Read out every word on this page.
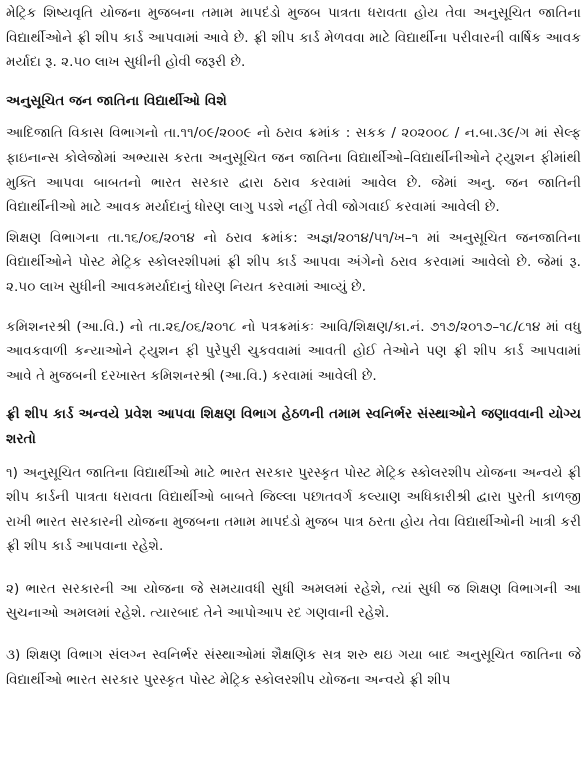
મેટ્રિક શિષ્યવૃતિ યોજના મુજબના તમામ માપદંડો મુજબ પાત્રતા ધરાવતા હોય તેવા અનુસૂચિત જાતિના વિદ્યાર્થીઓને ફ્રી શીપ કાર્ડ આપવામાં આવે છે. ફ્રી શીપ કાર્ડ મેળવવા માટે વિદ્યાર્થીના પરીવારની વાર્ષિક આવક મર્યાદા રૂ. ૨.૫૦ લાખ સુધીની હોવી જરૂરી છે.

અનુસૂચિત જન જાતિના વિદ્યાર્થીઓ વિશે

આદિજાતિ વિકાસ વિભાગનો તા.૧૧/૦૯/૨૦૦૯ નો ઠરાવ ક્રમાંક : સકક / ૨૦૨૦૦૮ / ન.બા.૩૯/ગ માં સેલ્ફ ફાઇનાન્સ કોલેજોમાં અભ્યાસ કરતા અનુસૂચિત જન જાતિના વિદ્યાર્થીઓ–વિદ્યાર્થીનીઓને ટ્યુશન ફીમાંથી મુક્તિ આપવા બાબતનો ભારત સરકાર દ્વારા ઠરાવ કરવામાં આવેલ છે. જેમાં અનુ. જન જાતિની વિદ્યાર્થીનીઓ માટે આવક મર્યાદાનું ધોરણ લાગુ પડશે નહીં તેવી જોગવાઈ કરવામાં આવેલી છે.

શિક્ષણ વિભાગના તા.૧૬/૦૬/૨૦૧૪ નો ઠરાવ ક્રમાંક: અજ્ઞ/૨૦૧૪/૫૧/ખ–૧ માં અનુસૂચિત જનજાતિના વિદ્યાર્થીઓને પોસ્ટ મેટ્રિક સ્કોલરશીપમાં ફ્રી શીપ કાર્ડ આપવા અંગેનો ઠરાવ કરવામાં આવેલો છે. જેમાં રૂ. ૨.૫૦ લાખ સુધીની આવકમર્યાદાનું ધોરણ નિયત કરવામાં આવ્યું છે.

કમિશનરશ્રી (આ.વિ.) નો તા.૨૬/૦૬/૨૦૧૮ નો પત્રક્રમાંકઃ આવિ/શિક્ષણ/કા.નં. ૭૧૭/૨૦૧૭–૧૮/૮૧૪ માં વધુ આવકવાળી કન્યાઓને ટ્યુશન ફી પુરેપુરી ચુકવવામાં આવતી હોઈ તેઓને પણ ફ્રી શીપ કાર્ડ આપવામાં આવે તે મુજબની દરખાસ્ત કમિશનરશ્રી (આ.વિ.) કરવામાં આવેલી છે.

ફ્રી શીપ કાર્ડ અન્વયે પ્રવેશ આપવા શિક્ષણ વિભાગ હેઠળની તમામ સ્વનિર્ભર સંસ્થાઓને જણાવવાની યોગ્ય શરતો

૧) અનુસૂચિત જાતિના વિદ્યાર્થીઓ માટે ભારત સરકાર પુરસ્કૃત પોસ્ટ મેટ્રિક સ્કોલરશીપ યોજના અન્વયે ફ્રી શીપ કાર્ડની પાત્રતા ધરાવતા વિદ્યાર્થીઓ બાબતે જિલ્લા પછાતવર્ગ કલ્યાણ અધિકારીશ્રી દ્વારા પુરતી કાળજી રાખી ભારત સરકારની યોજના મુજબના તમામ માપદંડો મુજબ પાત્ર ઠરતા હોય તેવા વિદ્યાર્થીઓની ખાત્રી કરી ફ્રી શીપ કાર્ડ આપવાના રહેશે.

૨) ભારત સરકારની આ યોજના જે સમયાવધી સુધી અમલમાં રહેશે, ત્યાં સુધી જ શિક્ષણ વિભાગની આ સુચનાઓ અમલમાં રહેશે. ત્યારબાદ તેને આપોઆપ રદ ગણવાની રહેશે.

૩) શિક્ષણ વિભાગ સંલગ્ન સ્વનિર્ભર સંસ્થાઓમાં શૈક્ષણિક સત્ર શરુ થઇ ગયા બાદ અનુસૂચિત જાતિના જે વિદ્યાર્થીઓ ભારત સરકાર પુરસ્કૃત પોસ્ટ મેટ્રિક સ્કોલરશીપ યોજના અન્વયે ફ્રી શીપ
